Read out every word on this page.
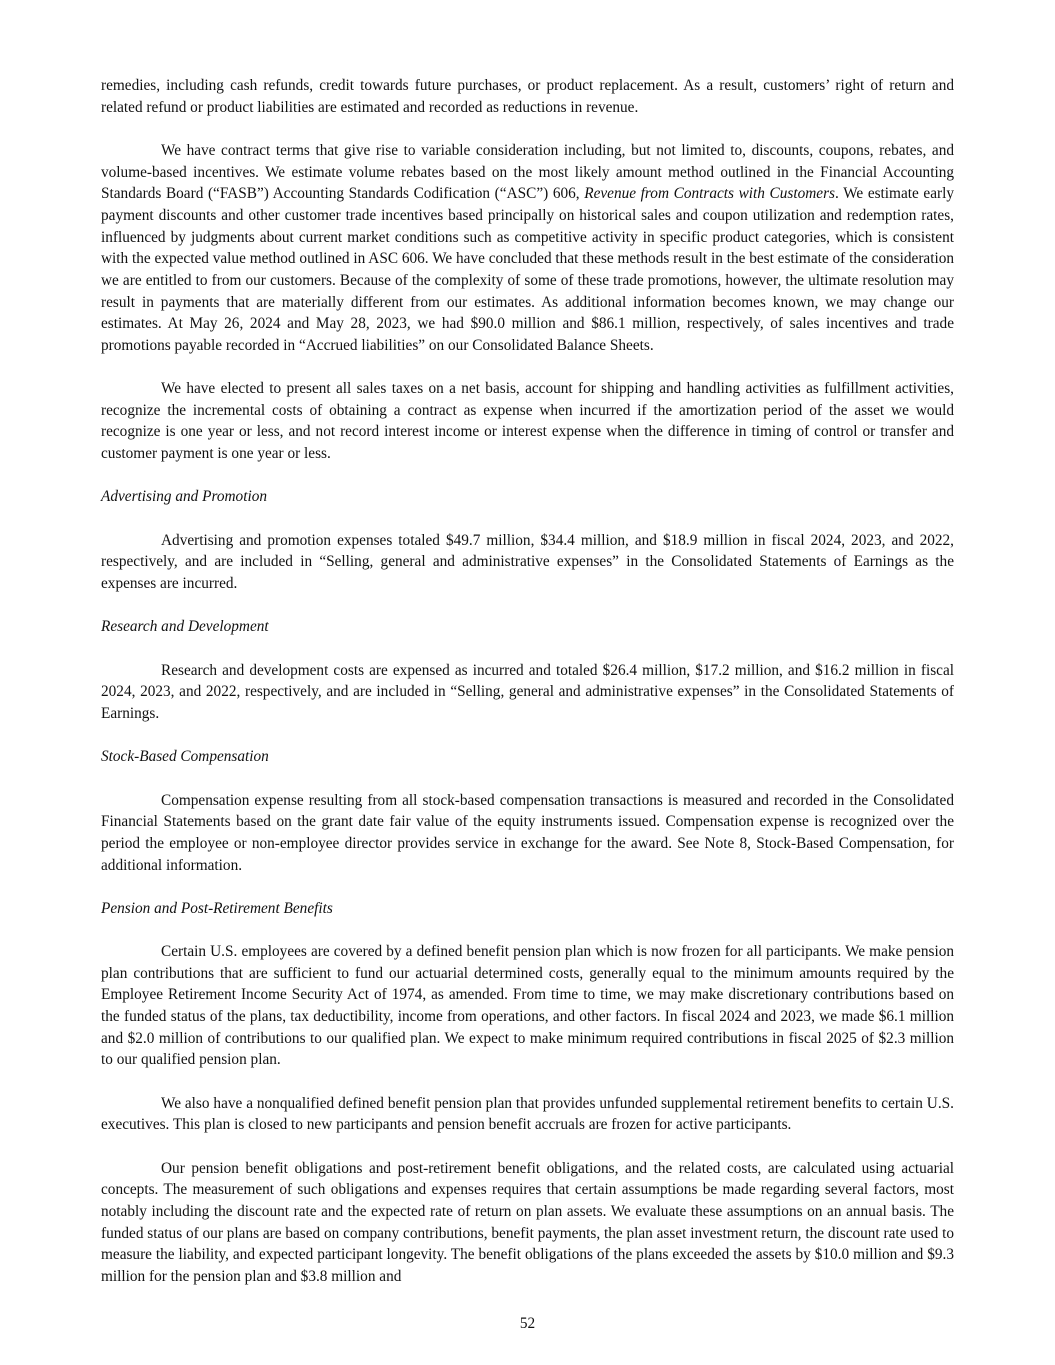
remedies, including cash refunds, credit towards future purchases, or product replacement. As a result, customers’ right of return and related refund or product liabilities are estimated and recorded as reductions in revenue.

We have contract terms that give rise to variable consideration including, but not limited to, discounts, coupons, rebates, and volume-based incentives. We estimate volume rebates based on the most likely amount method outlined in the Financial Accounting Standards Board (“FASB”) Accounting Standards Codification (“ASC”) 606, Revenue from Contracts with Customers. We estimate early payment discounts and other customer trade incentives based principally on historical sales and coupon utilization and redemption rates, influenced by judgments about current market conditions such as competitive activity in specific product categories, which is consistent with the expected value method outlined in ASC 606. We have concluded that these methods result in the best estimate of the consideration we are entitled to from our customers. Because of the complexity of some of these trade promotions, however, the ultimate resolution may result in payments that are materially different from our estimates. As additional information becomes known, we may change our estimates. At May 26, 2024 and May 28, 2023, we had $90.0 million and $86.1 million, respectively, of sales incentives and trade promotions payable recorded in “Accrued liabilities” on our Consolidated Balance Sheets.

We have elected to present all sales taxes on a net basis, account for shipping and handling activities as fulfillment activities, recognize the incremental costs of obtaining a contract as expense when incurred if the amortization period of the asset we would recognize is one year or less, and not record interest income or interest expense when the difference in timing of control or transfer and customer payment is one year or less.

Advertising and Promotion

Advertising and promotion expenses totaled $49.7 million, $34.4 million, and $18.9 million in fiscal 2024, 2023, and 2022, respectively, and are included in “Selling, general and administrative expenses” in the Consolidated Statements of Earnings as the expenses are incurred.

Research and Development

Research and development costs are expensed as incurred and totaled $26.4 million, $17.2 million, and $16.2 million in fiscal 2024, 2023, and 2022, respectively, and are included in “Selling, general and administrative expenses” in the Consolidated Statements of Earnings.

Stock-Based Compensation

Compensation expense resulting from all stock-based compensation transactions is measured and recorded in the Consolidated Financial Statements based on the grant date fair value of the equity instruments issued. Compensation expense is recognized over the period the employee or non-employee director provides service in exchange for the award. See Note 8, Stock-Based Compensation, for additional information.

Pension and Post-Retirement Benefits

Certain U.S. employees are covered by a defined benefit pension plan which is now frozen for all participants. We make pension plan contributions that are sufficient to fund our actuarial determined costs, generally equal to the minimum amounts required by the Employee Retirement Income Security Act of 1974, as amended. From time to time, we may make discretionary contributions based on the funded status of the plans, tax deductibility, income from operations, and other factors. In fiscal 2024 and 2023, we made $6.1 million and $2.0 million of contributions to our qualified plan. We expect to make minimum required contributions in fiscal 2025 of $2.3 million to our qualified pension plan.

We also have a nonqualified defined benefit pension plan that provides unfunded supplemental retirement benefits to certain U.S. executives. This plan is closed to new participants and pension benefit accruals are frozen for active participants.

Our pension benefit obligations and post-retirement benefit obligations, and the related costs, are calculated using actuarial concepts. The measurement of such obligations and expenses requires that certain assumptions be made regarding several factors, most notably including the discount rate and the expected rate of return on plan assets. We evaluate these assumptions on an annual basis. The funded status of our plans are based on company contributions, benefit payments, the plan asset investment return, the discount rate used to measure the liability, and expected participant longevity. The benefit obligations of the plans exceeded the assets by $10.0 million and $9.3 million for the pension plan and $3.8 million and

52
